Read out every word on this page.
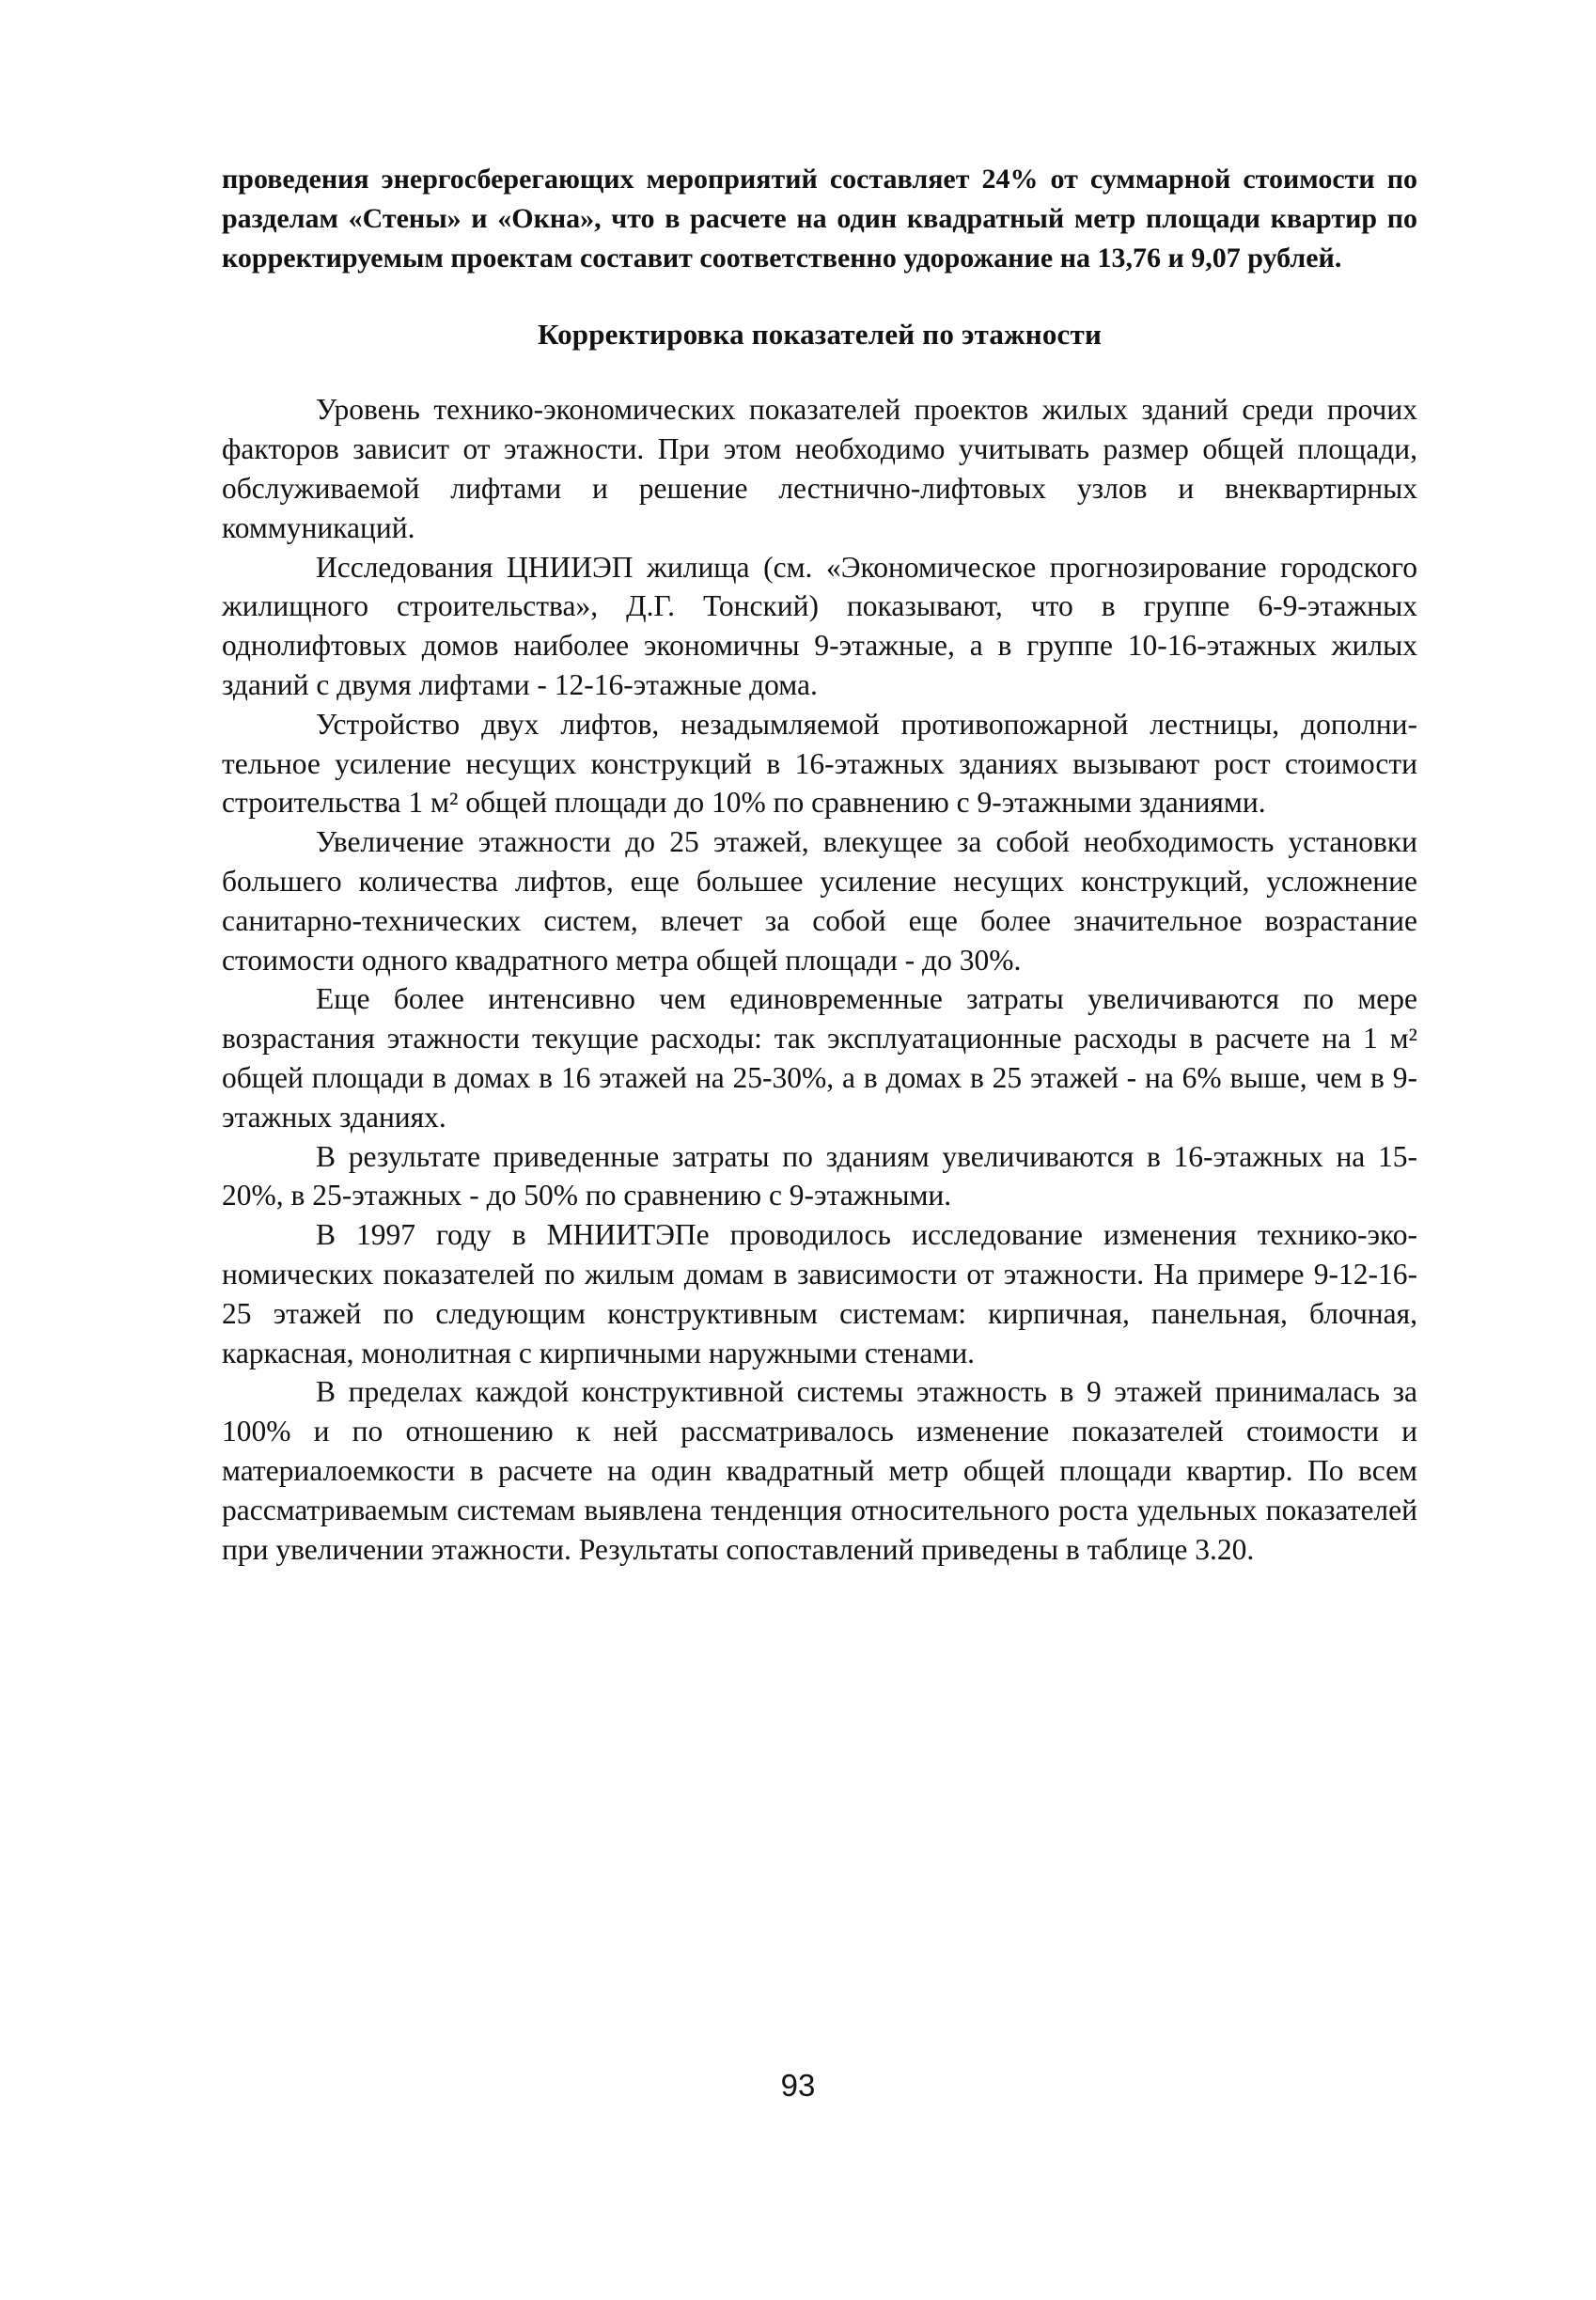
проведения энергосберегающих мероприятий составляет 24% от суммарной стоимости по разделам «Стены» и «Окна», что в расчете на один квадратный метр площади квартир по корректируемым проектам составит соответственно удорожание на 13,76 и 9,07 рублей.

Корректировка показателей по этажности

Уровень технико-экономических показателей проектов жилых зданий среди прочих факторов зависит от этажности. При этом необходимо учитывать размер общей площади, обслуживаемой лифтами и решение лестнично-лифтовых узлов и внеквартирных коммуникаций.

Исследования ЦНИИЭП жилища (см. «Экономическое прогнозирование городского жилищного строительства», Д.Г. Тонский) показывают, что в группе 6-9-этажных однолифтовых домов наиболее экономичны 9-этажные, а в группе 10-16-этажных жилых зданий с двумя лифтами - 12-16-этажные дома.

Устройство двух лифтов, незадымляемой противопожарной лестницы, дополнительное усиление несущих конструкций в 16-этажных зданиях вызывают рост стоимости строительства 1 м² общей площади до 10% по сравнению с 9-этажными зданиями.

Увеличение этажности до 25 этажей, влекущее за собой необходимость установки большего количества лифтов, еще большее усиление несущих конструкций, усложнение санитарно-технических систем, влечет за собой еще более значительное возрастание стоимости одного квадратного метра общей площади - до 30%.

Еще более интенсивно чем единовременные затраты увеличиваются по мере возрастания этажности текущие расходы: так эксплуатационные расходы в расчете на 1 м² общей площади в домах в 16 этажей на 25-30%, а в домах в 25 этажей - на 6% выше, чем в 9-этажных зданиях.

В результате приведенные затраты по зданиям увеличиваются в 16-этажных на 15-20%, в 25-этажных - до 50% по сравнению с 9-этажными.

В 1997 году в МНИИТЭПе проводилось исследование изменения технико-экономических показателей по жилым домам в зависимости от этажности. На примере 9-12-16-25 этажей по следующим конструктивным системам: кирпичная, панельная, блочная, каркасная, монолитная с кирпичными наружными стенами.

В пределах каждой конструктивной системы этажность в 9 этажей принималась за 100% и по отношению к ней рассматривалось изменение показателей стоимости и материалоемкости в расчете на один квадратный метр общей площади квартир. По всем рассматриваемым системам выявлена тенденция относительного роста удельных показателей при увеличении этажности. Результаты сопоставлений приведены в таблице 3.20.

93
